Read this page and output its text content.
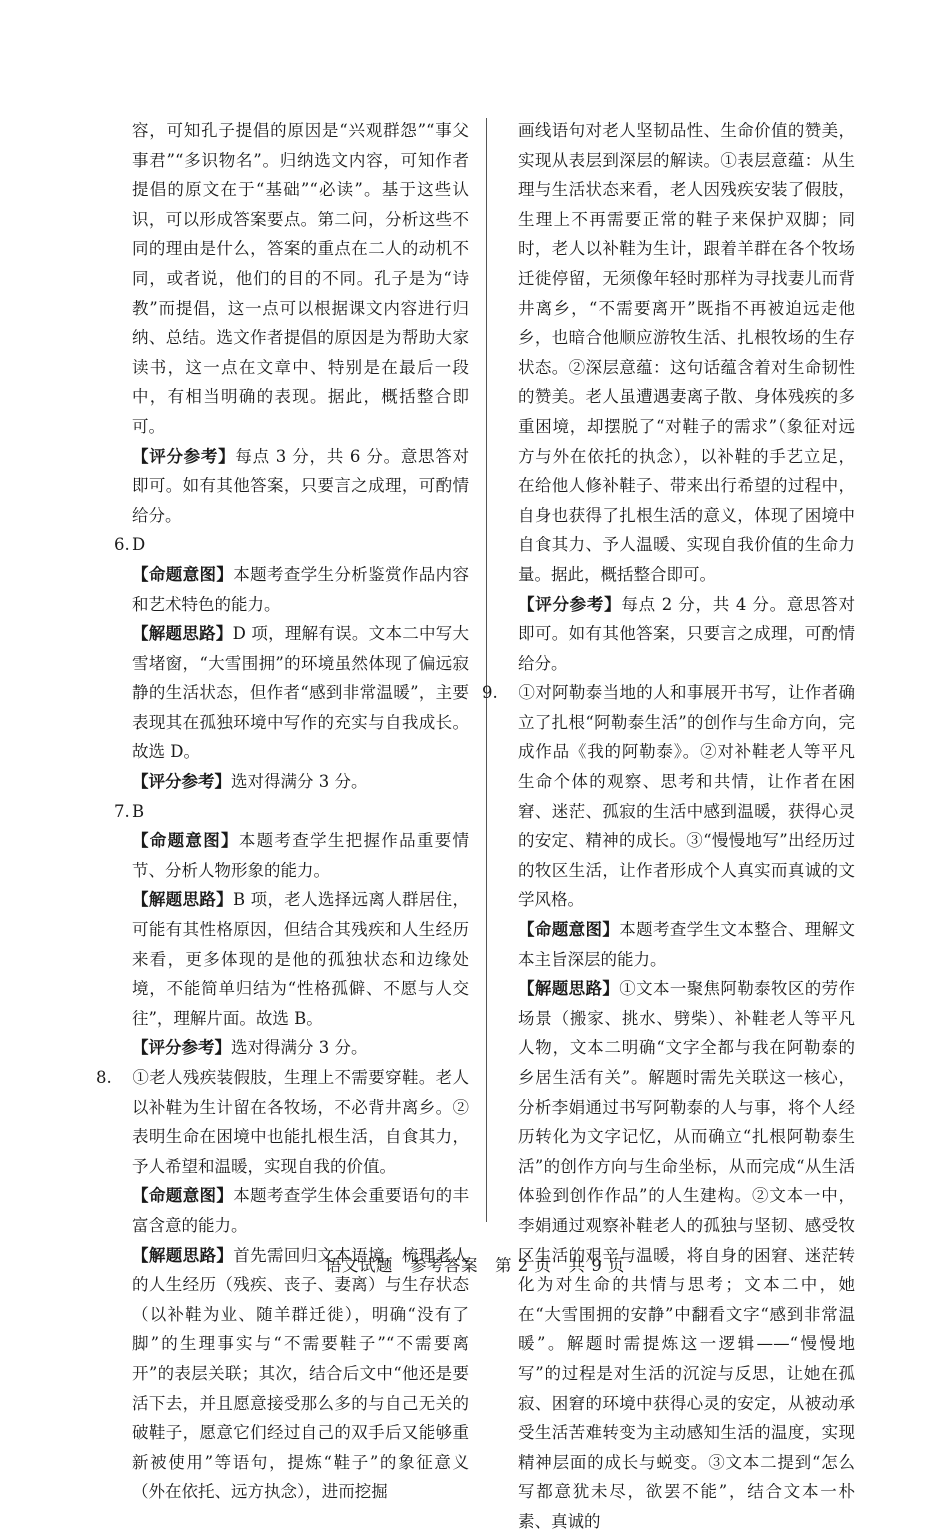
容，可知孔子提倡的原因是“兴观群怨”“事父事君”“多识物名”。归纳选文内容，可知作者提倡的原文在于“基础”“必读”。基于这些认识，可以形成答案要点。第二问，分析这些不同的理由是什么，答案的重点在二人的动机不同，或者说，他们的目的不同。孔子是为“诗教”而提倡，这一点可以根据课文内容进行归纳、总结。选文作者提倡的原因是为帮助大家读书，这一点在文章中、特别是在最后一段中，有相当明确的表现。据此，概括整合即可。

【评分参考】每点 3 分，共 6 分。意思答对即可。如有其他答案，只要言之成理，可酌情给分。

6. D

【命题意图】本题考查学生分析鉴赏作品内容和艺术特色的能力。

【解题思路】D 项，理解有误。文本二中写大雪堵窗，“大雪围拥”的环境虽然体现了偏远寂静的生活状态，但作者“感到非常温暖”，主要表现其在孤独环境中写作的充实与自我成长。故选 D。

【评分参考】选对得满分 3 分。

7. B

【命题意图】本题考查学生把握作品重要情节、分析人物形象的能力。

【解题思路】B 项，老人选择远离人群居住，可能有其性格原因，但结合其残疾和人生经历来看，更多体现的是他的孤独状态和边缘处境，不能简单归结为“性格孤僻、不愿与人交往”，理解片面。故选 B。

【评分参考】选对得满分 3 分。

8. ①老人残疾装假肢，生理上不需要穿鞋。老人以补鞋为生计留在各牧场，不必背井离乡。②表明生命在困境中也能扎根生活，自食其力，予人希望和温暖，实现自我的价值。

【命题意图】本题考查学生体会重要语句的丰富含意的能力。

【解题思路】首先需回归文本语境，梳理老人的人生经历（残疾、丧子、妻离）与生存状态（以补鞋为业、随羊群迁徙），明确“没有了脚”的生理事实与“不需要鞋子”“不需要离开”的表层关联；其次，结合后文中“他还是要活下去，并且愿意接受那么多的与自己无关的破鞋子，愿意它们经过自己的双手后又能够重新被使用”等语句，提炼“鞋子”的象征意义（外在依托、远方执念），进而挖掘

画线语句对老人坚韧品性、生命价值的赞美，实现从表层到深层的解读。①表层意蕴：从生理与生活状态来看，老人因残疾安装了假肢，生理上不再需要正常的鞋子来保护双脚；同时，老人以补鞋为生计，跟着羊群在各个牧场迁徙停留，无须像年轻时那样为寻找妻儿而背井离乡，“不需要离开”既指不再被迫远走他乡，也暗合他顺应游牧生活、扎根牧场的生存状态。②深层意蕴：这句话蕴含着对生命韧性的赞美。老人虽遭遇妻离子散、身体残疾的多重困境，却摆脱了“对鞋子的需求”（象征对远方与外在依托的执念），以补鞋的手艺立足，在给他人修补鞋子、带来出行希望的过程中，自身也获得了扎根生活的意义，体现了困境中自食其力、予人温暖、实现自我价值的生命力量。据此，概括整合即可。

【评分参考】每点 2 分，共 4 分。意思答对即可。如有其他答案，只要言之成理，可酌情给分。

9. ①对阿勒泰当地的人和事展开书写，让作者确立了扎根“阿勒泰生活”的创作与生命方向，完成作品《我的阿勒泰》。②对补鞋老人等平凡生命个体的观察、思考和共情，让作者在困窘、迷茫、孤寂的生活中感到温暖，获得心灵的安定、精神的成长。③“慢慢地写”出经历过的牧区生活，让作者形成个人真实而真诚的文学风格。

【命题意图】本题考查学生文本整合、理解文本主旨深层的能力。

【解题思路】①文本一聚焦阿勒泰牧区的劳作场景（搬家、挑水、劈柴）、补鞋老人等平凡人物，文本二明确“文字全都与我在阿勒泰的乡居生活有关”。解题时需先关联这一核心，分析李娟通过书写阿勒泰的人与事，将个人经历转化为文字记忆，从而确立“扎根阿勒泰生活”的创作方向与生命坐标，从而完成“从生活体验到创作作品”的人生建构。②文本一中，李娟通过观察补鞋老人的孤独与坚韧、感受牧区生活的艰辛与温暖，将自身的困窘、迷茫转化为对生命的共情与思考；文本二中，她在“大雪围拥的安静”中翻看文字“感到非常温暖”。解题时需提炼这一逻辑——“慢慢地写”的过程是对生活的沉淀与反思，让她在孤寂、困窘的环境中获得心灵的安定，从被动承受生活苦难转变为主动感知生活的温度，实现精神层面的成长与蜕变。③文本二提到“怎么写都意犹未尽，欲罢不能”，结合文本一朴素、真诚的

语文试题　参考答案　第 2 页　共 9 页
